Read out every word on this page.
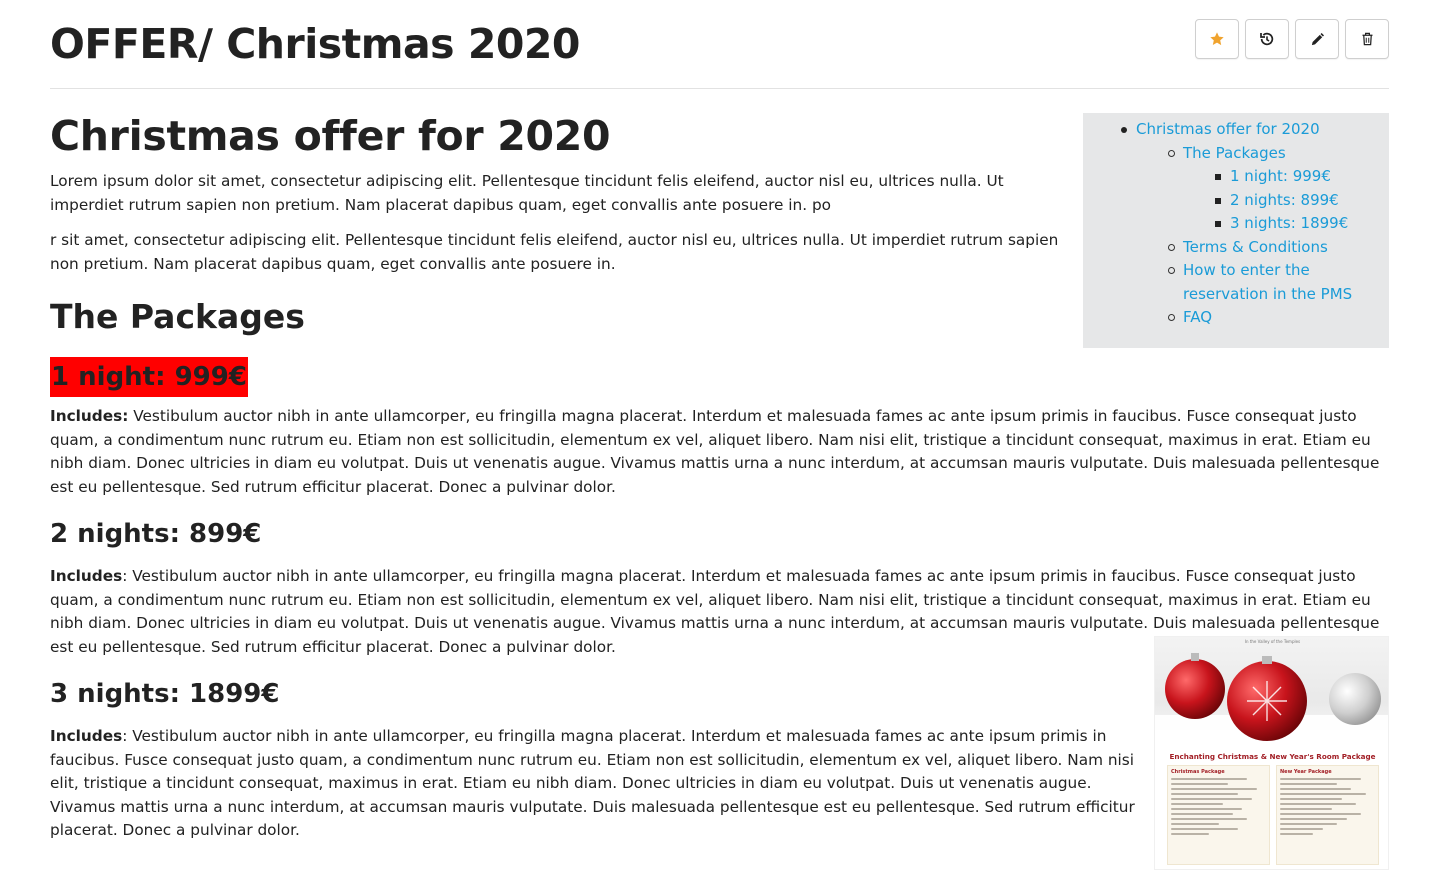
OFFER/ Christmas 2020
Christmas offer for 2020
The Packages
1 night: 999€
2 nights: 899€
3 nights: 1899€
Terms & Conditions
How to enter the reservation in the PMS
FAQ
Christmas offer for 2020

Lorem ipsum dolor sit amet, consectetur adipiscing elit. Pellentesque tincidunt felis eleifend, auctor nisl eu, ultrices nulla. Ut imperdiet rutrum sapien non pretium. Nam placerat dapibus quam, eget convallis ante posuere in. po

r sit amet, consectetur adipiscing elit. Pellentesque tincidunt felis eleifend, auctor nisl eu, ultrices nulla. Ut imperdiet rutrum sapien non pretium. Nam placerat dapibus quam, eget convallis ante posuere in.

The Packages
1 night: 999€

Includes: Vestibulum auctor nibh in ante ullamcorper, eu fringilla magna placerat. Interdum et malesuada fames ac ante ipsum primis in faucibus. Fusce consequat justo quam, a condimentum nunc rutrum eu. Etiam non est sollicitudin, elementum ex vel, aliquet libero. Nam nisi elit, tristique a tincidunt consequat, maximus in erat. Etiam eu nibh diam. Donec ultricies in diam eu volutpat. Duis ut venenatis augue. Vivamus mattis urna a nunc interdum, at accumsan mauris vulputate. Duis malesuada pellentesque est eu pellentesque. Sed rutrum efficitur placerat. Donec a pulvinar dolor.

2 nights: 899€

Includes: Vestibulum auctor nibh in ante ullamcorper, eu fringilla magna placerat. Interdum et malesuada fames ac ante ipsum primis in faucibus. Fusce consequat justo quam, a condimentum nunc rutrum eu. Etiam non est sollicitudin, elementum ex vel, aliquet libero. Nam nisi elit, tristique a tincidunt consequat, maximus in erat. Etiam eu nibh diam. Donec ultricies in diam eu volutpat. Duis ut venenatis augue. Vivamus mattis urna a nunc interdum, at accumsan mauris vulputate. Duis malesuada pellentesque est eu pellentesque. Sed rutrum efficitur placerat. Donec a pulvinar dolor.

3 nights: 1899€

Includes: Vestibulum auctor nibh in ante ullamcorper, eu fringilla magna placerat. Interdum et malesuada fames ac ante ipsum primis in faucibus. Fusce consequat justo quam, a condimentum nunc rutrum eu. Etiam non est sollicitudin, elementum ex vel, aliquet libero. Nam nisi elit, tristique a tincidunt consequat, maximus in erat. Etiam eu nibh diam. Donec ultricies in diam eu volutpat. Duis ut venenatis augue. Vivamus mattis urna a nunc interdum, at accumsan mauris vulputate. Duis malesuada pellentesque est eu pellentesque. Sed rutrum efficitur placerat. Donec a pulvinar dolor.

In the Valley of the Temples
Enchanting Christmas & New Year's Room Package
Christmas Package	New Year Package
